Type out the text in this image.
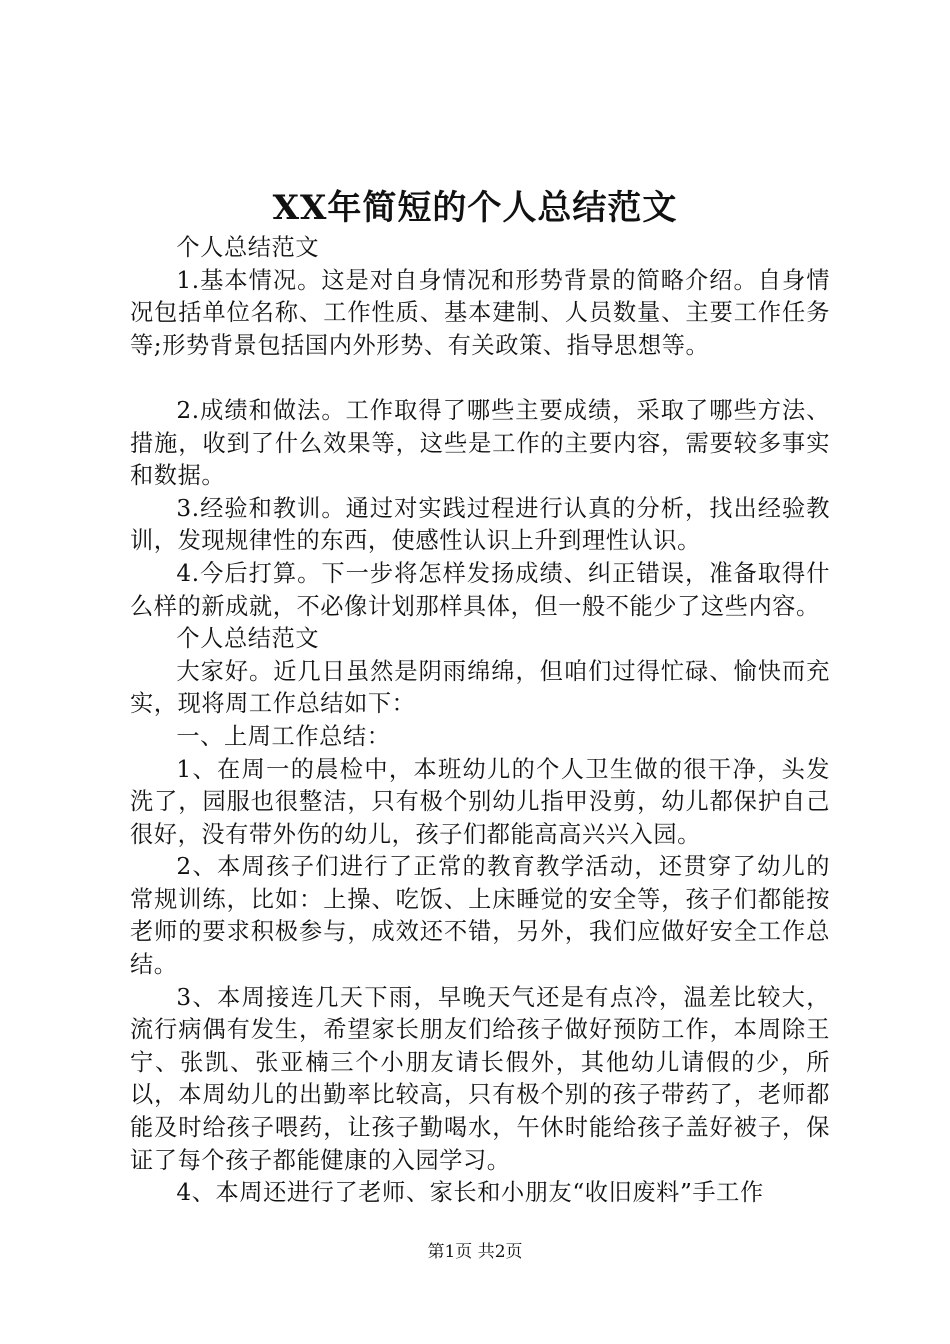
XX年简短的个人总结范文

个人总结范文

1.基本情况。这是对自身情况和形势背景的简略介绍。自身情况包括单位名称、工作性质、基本建制、人员数量、主要工作任务等;形势背景包括国内外形势、有关政策、指导思想等。

2.成绩和做法。工作取得了哪些主要成绩，采取了哪些方法、措施，收到了什么效果等，这些是工作的主要内容，需要较多事实和数据。

3.经验和教训。通过对实践过程进行认真的分析，找出经验教训，发现规律性的东西，使感性认识上升到理性认识。

4.今后打算。下一步将怎样发扬成绩、纠正错误，准备取得什么样的新成就，不必像计划那样具体，但一般不能少了这些内容。

个人总结范文

大家好。近几日虽然是阴雨绵绵，但咱们过得忙碌、愉快而充实，现将周工作总结如下：

一、上周工作总结：

1、在周一的晨检中，本班幼儿的个人卫生做的很干净，头发洗了，园服也很整洁，只有极个别幼儿指甲没剪，幼儿都保护自己很好，没有带外伤的幼儿，孩子们都能高高兴兴入园。

2、本周孩子们进行了正常的教育教学活动，还贯穿了幼儿的常规训练，比如：上操、吃饭、上床睡觉的安全等，孩子们都能按老师的要求积极参与，成效还不错，另外，我们应做好安全工作总结。

3、本周接连几天下雨，早晚天气还是有点冷，温差比较大，流行病偶有发生，希望家长朋友们给孩子做好预防工作，本周除王宁、张凯、张亚楠三个小朋友请长假外，其他幼儿请假的少，所以，本周幼儿的出勤率比较高，只有极个别的孩子带药了，老师都能及时给孩子喂药，让孩子勤喝水，午休时能给孩子盖好被子，保证了每个孩子都能健康的入园学习。

4、本周还进行了老师、家长和小朋友“收旧废料”手工作

第1页 共2页
